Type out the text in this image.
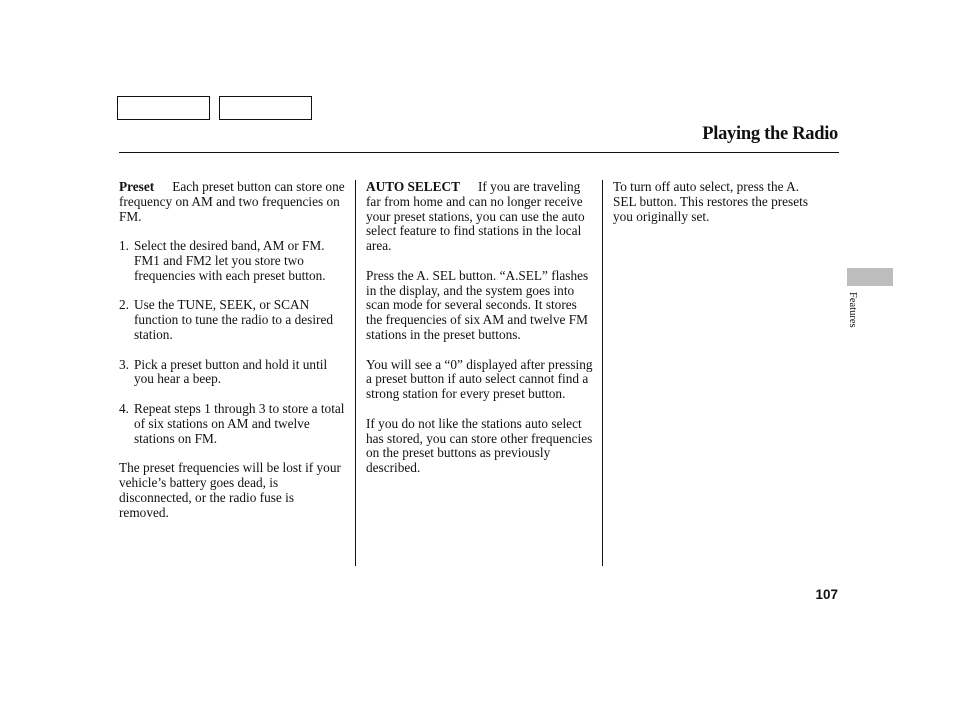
Playing the Radio

Preset Each preset button can store one frequency on AM and two frequencies on FM.

1. Select the desired band, AM or FM. FM1 and FM2 let you store two frequencies with each preset button.
2. Use the TUNE, SEEK, or SCAN function to tune the radio to a desired station.
3. Pick a preset button and hold it until you hear a beep.
4. Repeat steps 1 through 3 to store a total of six stations on AM and twelve stations on FM.

The preset frequencies will be lost if your vehicle’s battery goes dead, is disconnected, or the radio fuse is removed.

AUTO SELECT If you are traveling far from home and can no longer receive your preset stations, you can use the auto select feature to find stations in the local area.

Press the A. SEL button. “A.SEL” flashes in the display, and the system goes into scan mode for several seconds. It stores the frequencies of six AM and twelve FM stations in the preset buttons.

You will see a “0” displayed after pressing a preset button if auto select cannot find a strong station for every preset button.

If you do not like the stations auto select has stored, you can store other frequencies on the preset buttons as previously described.

To turn off auto select, press the A. SEL button. This restores the presets you originally set.

Features
107
